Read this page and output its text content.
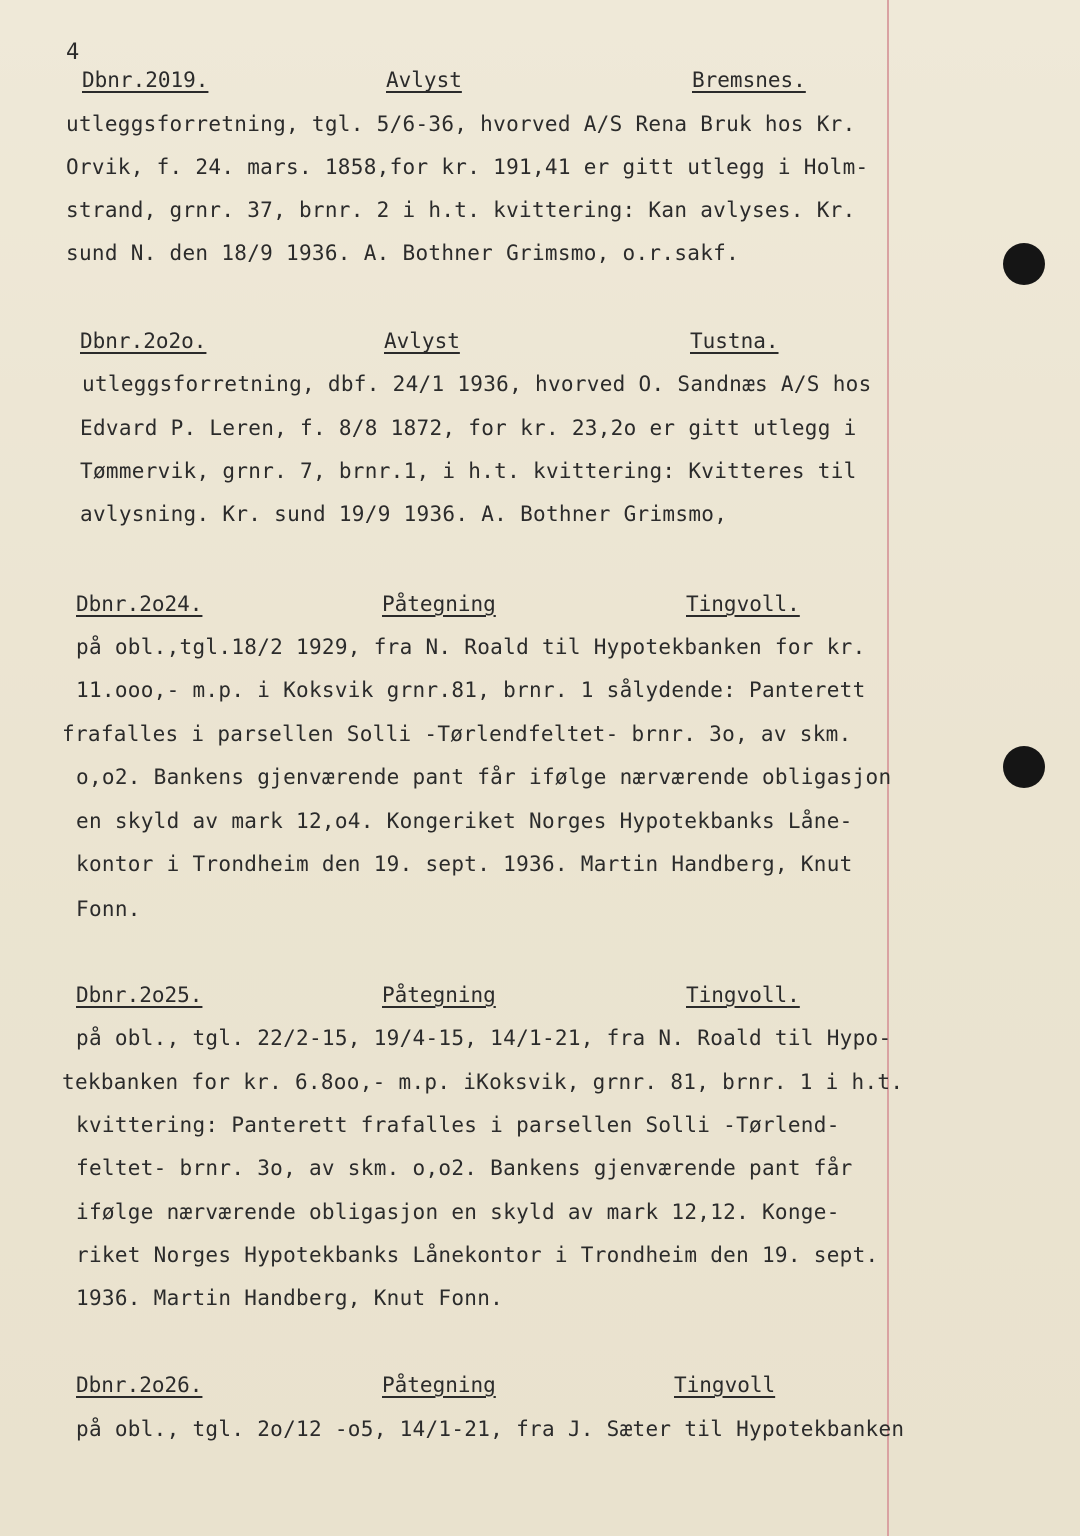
4
Dbnr.2019.	Avlyst	Bremsnes.
utleggsforretning, tgl. 5/6-36, hvorved A/S Rena Bruk hos Kr.
Orvik, f. 24. mars. 1858,for kr. 191,41 er gitt utlegg i Holm-
strand, grnr. 37, brnr. 2 i h.t. kvittering: Kan avlyses. Kr.
sund N. den 18/9 1936. A. Bothner Grimsmo, o.r.sakf.
Dbnr.2o2o.	Avlyst	Tustna.
utleggsforretning, dbf. 24/1 1936, hvorved O. Sandnæs A/S hos
Edvard P. Leren, f. 8/8 1872, for kr. 23,2o er gitt utlegg i
Tømmervik, grnr. 7, brnr.1, i h.t. kvittering: Kvitteres til
avlysning. Kr. sund 19/9 1936. A. Bothner Grimsmo,
Dbnr.2o24.	Påtegning	Tingvoll.
på obl.,tgl.18/2 1929, fra N. Roald til Hypotekbanken for kr.
11.ooo,- m.p. i Koksvik grnr.81, brnr. 1 sålydende: Panterett
frafalles i parsellen Solli -Tørlendfeltet- brnr. 3o, av skm.
o,o2. Bankens gjenværende pant får ifølge nærværende obligasjon
en skyld av mark 12,o4. Kongeriket Norges Hypotekbanks Låne-
kontor i Trondheim den 19. sept. 1936. Martin Handberg, Knut
Fonn.
Dbnr.2o25.	Påtegning	Tingvoll.
på obl., tgl. 22/2-15, 19/4-15, 14/1-21, fra N. Roald til Hypo-
tekbanken for kr. 6.8oo,- m.p. iKoksvik, grnr. 81, brnr. 1 i h.t.
kvittering: Panterett frafalles i parsellen Solli -Tørlend-
feltet- brnr. 3o, av skm. o,o2. Bankens gjenværende pant får
ifølge nærværende obligasjon en skyld av mark 12,12. Konge-
riket Norges Hypotekbanks Lånekontor i Trondheim den 19. sept.
1936. Martin Handberg, Knut Fonn.
Dbnr.2o26.	Påtegning	Tingvoll
på obl., tgl. 2o/12 -o5, 14/1-21, fra J. Sæter til Hypotekbanken
